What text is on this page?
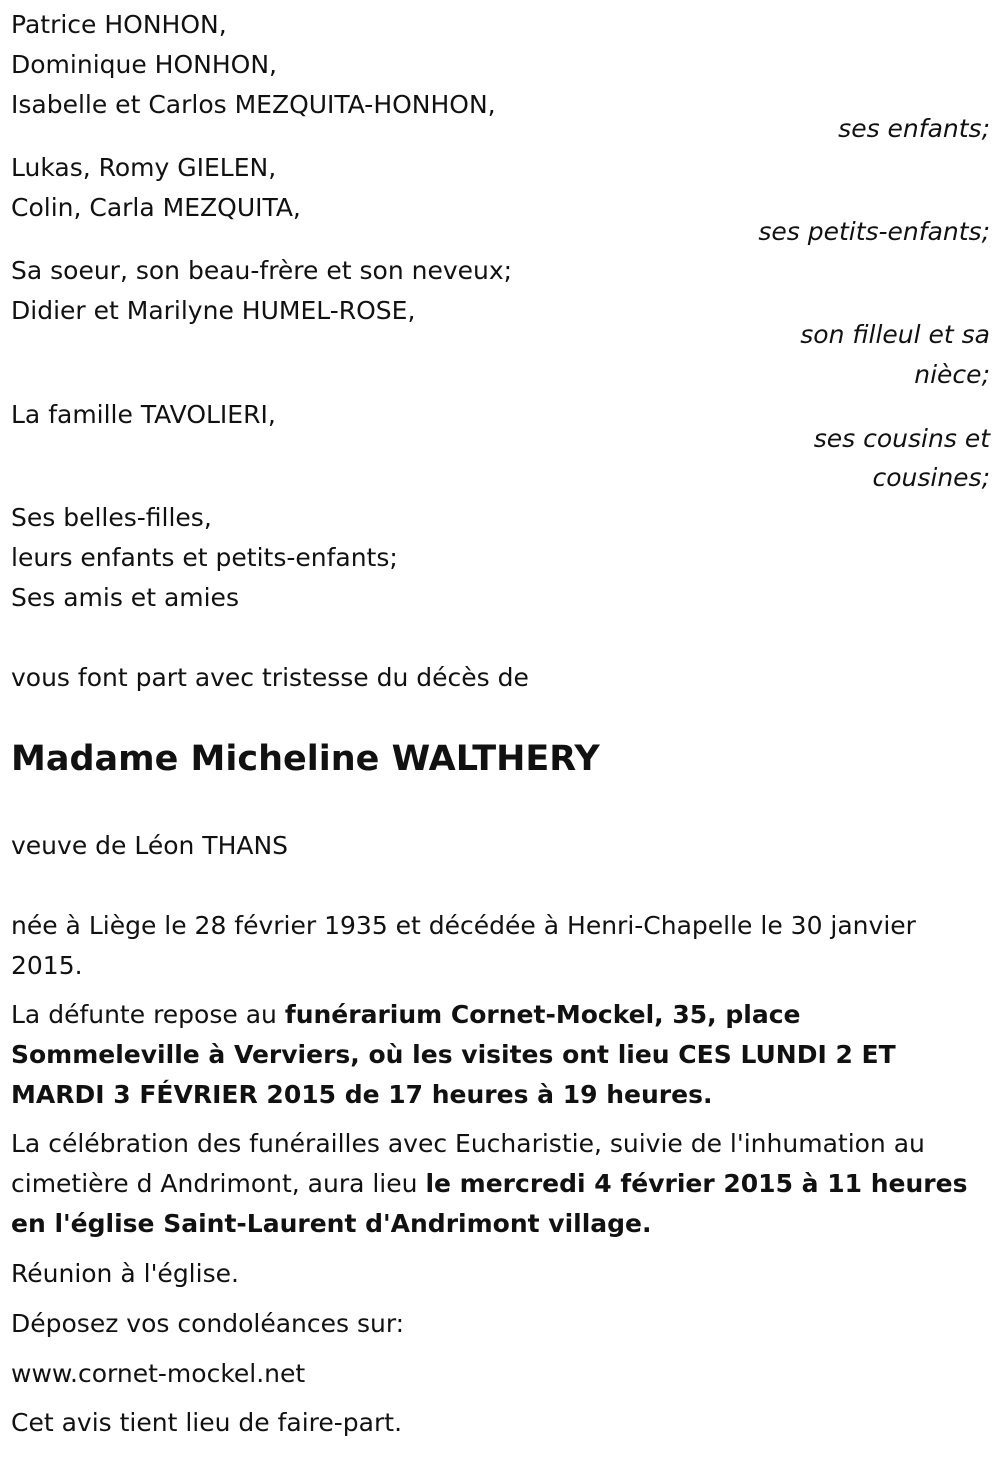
Patrice HONHON,
Dominique HONHON,
Isabelle et Carlos MEZQUITA-HONHON,
ses enfants;
Lukas, Romy GIELEN,
Colin, Carla MEZQUITA,
ses petits-enfants;
Sa soeur, son beau-frère et son neveux;
Didier et Marilyne HUMEL-ROSE,
son filleul et sa
nièce;
La famille TAVOLIERI,
ses cousins et
cousines;
Ses belles-filles,
leurs enfants et petits-enfants;
Ses amis et amies
vous font part avec tristesse du décès de
Madame Micheline WALTHERY
veuve de Léon THANS
née à Liège le 28 février 1935 et décédée à Henri-Chapelle le 30 janvier 2015.
La défunte repose au funérarium Cornet-Mockel, 35, place Sommeleville à Verviers, où les visites ont lieu CES LUNDI 2 ET MARDI 3 FÉVRIER 2015 de 17 heures à 19 heures.
La célébration des funérailles avec Eucharistie, suivie de l'inhumation au cimetière d Andrimont, aura lieu le mercredi 4 février 2015 à 11 heures en l'église Saint-Laurent d'Andrimont village.
Réunion à l'église.
Déposez vos condoléances sur:
www.cornet-mockel.net
Cet avis tient lieu de faire-part.
